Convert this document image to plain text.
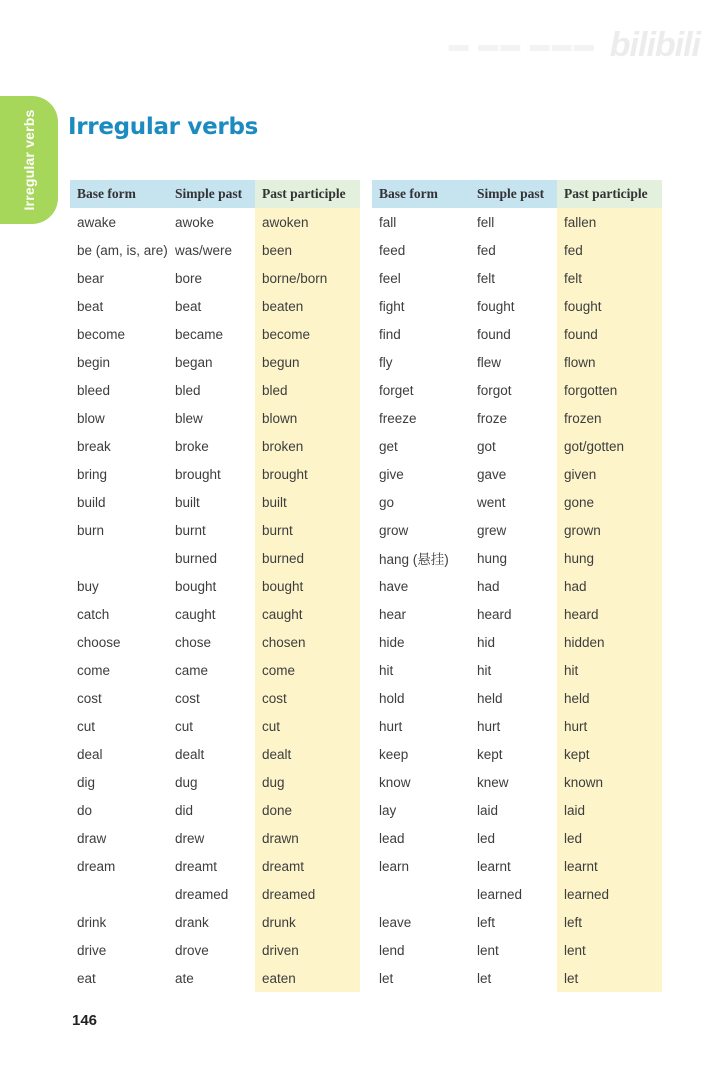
▬ ▬▬ ▬▬▬ bilibili
Irregular verbs Irregular verbs
Base form	Simple past	Past participle
awake	awoke	awoken
be (am, is, are)	was/were	been
bear	bore	borne/born
beat	beat	beaten
become	became	become
begin	began	begun
bleed	bled	bled
blow	blew	blown
break	broke	broken
bring	brought	brought
build	built	built
burn	burnt	burnt
	burned	burned
buy	bought	bought
catch	caught	caught
choose	chose	chosen
come	came	come
cost	cost	cost
cut	cut	cut
deal	dealt	dealt
dig	dug	dug
do	did	done
draw	drew	drawn
dream	dreamt	dreamt
	dreamed	dreamed
drink	drank	drunk
drive	drove	driven
eat	ate	eaten
Base form	Simple past	Past participle
fall	fell	fallen
feed	fed	fed
feel	felt	felt
fight	fought	fought
find	found	found
fly	flew	flown
forget	forgot	forgotten
freeze	froze	frozen
get	got	got/gotten
give	gave	given
go	went	gone
grow	grew	grown
hang (悬挂)	hung	hung
have	had	had
hear	heard	heard
hide	hid	hidden
hit	hit	hit
hold	held	held
hurt	hurt	hurt
keep	kept	kept
know	knew	known
lay	laid	laid
lead	led	led
learn	learnt	learnt
	learned	learned
leave	left	left
lend	lent	lent
let	let	let
146
